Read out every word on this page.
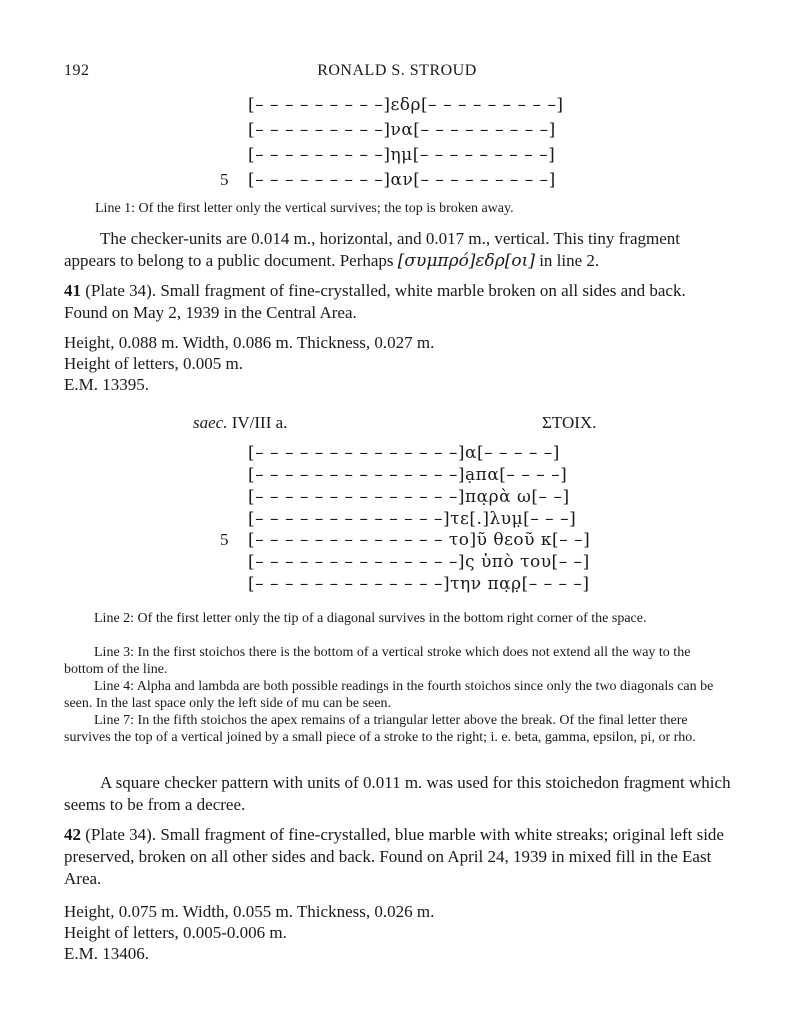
192	RONALD S. STROUD
[– – – – – – – – –]εδρ[– – – – – – – – –]
[– – – – – – – – –]να[– – – – – – – – –]
[– – – – – – – – –]ημ[– – – – – – – – –]
[– – – – – – – – –]αν[– – – – – – – – –]
5
Line 1: Of the first letter only the vertical survives; the top is broken away.
The checker-units are 0.014 m., horizontal, and 0.017 m., vertical. This tiny fragment appears to belong to a public document. Perhaps [συμπρό]εδρ[οι] in line 2.
41 (Plate 34). Small fragment of fine-crystalled, white marble broken on all sides and back. Found on May 2, 1939 in the Central Area.
Height, 0.088 m. Width, 0.086 m. Thickness, 0.027 m.
Height of letters, 0.005 m.
E.M. 13395.
saec. IV/III a.	ΣΤΟΙΧ.
[– – – – – – – – – – – – – –]α[– – – – –]
[– – – – – – – – – – – – – –]ạπα[– – – –]
[– – – – – – – – – – – – – –]πα̣ρὰ ω[– –]
[– – – – – – – – – – – – –]τε[.]λυμ̣[– – –]
[– – – – – – – – – – – – – το]ῦ θεοῦ κ[– –]
[– – – – – – – – – – – – – –]ς ὑπὸ του[– –]
[– – – – – – – – – – – – –]την πα̣ρ̣[– – – –]
5
Line 2: Of the first letter only the tip of a diagonal survives in the bottom right corner of the space.
Line 3: In the first stoichos there is the bottom of a vertical stroke which does not extend all the way to the bottom of the line.
Line 4: Alpha and lambda are both possible readings in the fourth stoichos since only the two diagonals can be seen. In the last space only the left side of mu can be seen.
Line 7: In the fifth stoichos the apex remains of a triangular letter above the break. Of the final letter there survives the top of a vertical joined by a small piece of a stroke to the right; i. e. beta, gamma, epsilon, pi, or rho.
A square checker pattern with units of 0.011 m. was used for this stoichedon fragment which seems to be from a decree.
42 (Plate 34). Small fragment of fine-crystalled, blue marble with white streaks; original left side preserved, broken on all other sides and back. Found on April 24, 1939 in mixed fill in the East Area.
Height, 0.075 m. Width, 0.055 m. Thickness, 0.026 m.
Height of letters, 0.005-0.006 m.
E.M. 13406.
